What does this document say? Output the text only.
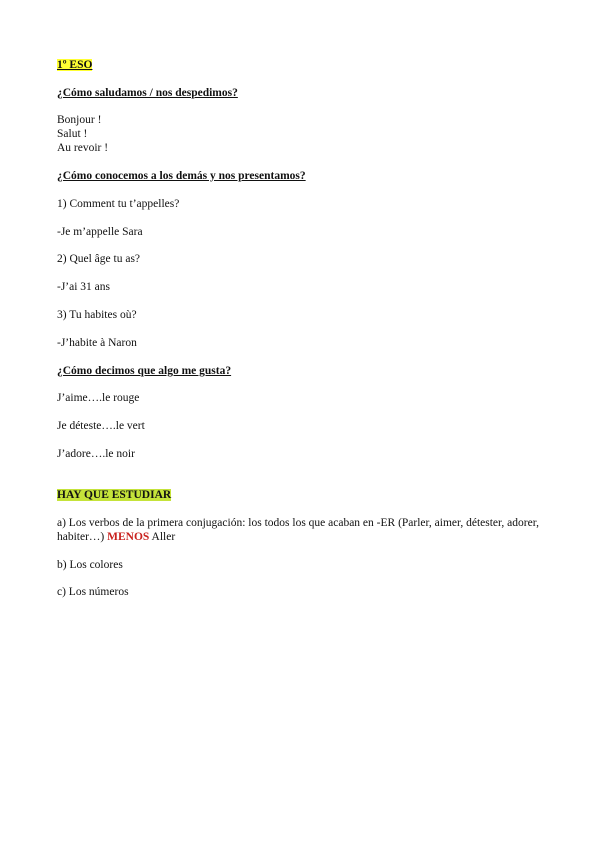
1º ESO
¿Cómo saludamos / nos despedimos?
Bonjour !
Salut !
Au revoir !
¿Cómo conocemos a los demás y nos presentamos?
1) Comment tu t’appelles?
-Je m’appelle Sara
2) Quel âge tu as?
-J’ai 31 ans
3) Tu habites où?
-J’habite à Naron
¿Cómo decimos que algo me gusta?
J’aime….le rouge
Je déteste….le vert
J’adore….le noir
HAY QUE ESTUDIAR
a) Los verbos de la primera conjugación: los todos los que acaban en -ER (Parler, aimer, détester, adorer, habiter…) MENOS Aller
b) Los colores
c) Los números
